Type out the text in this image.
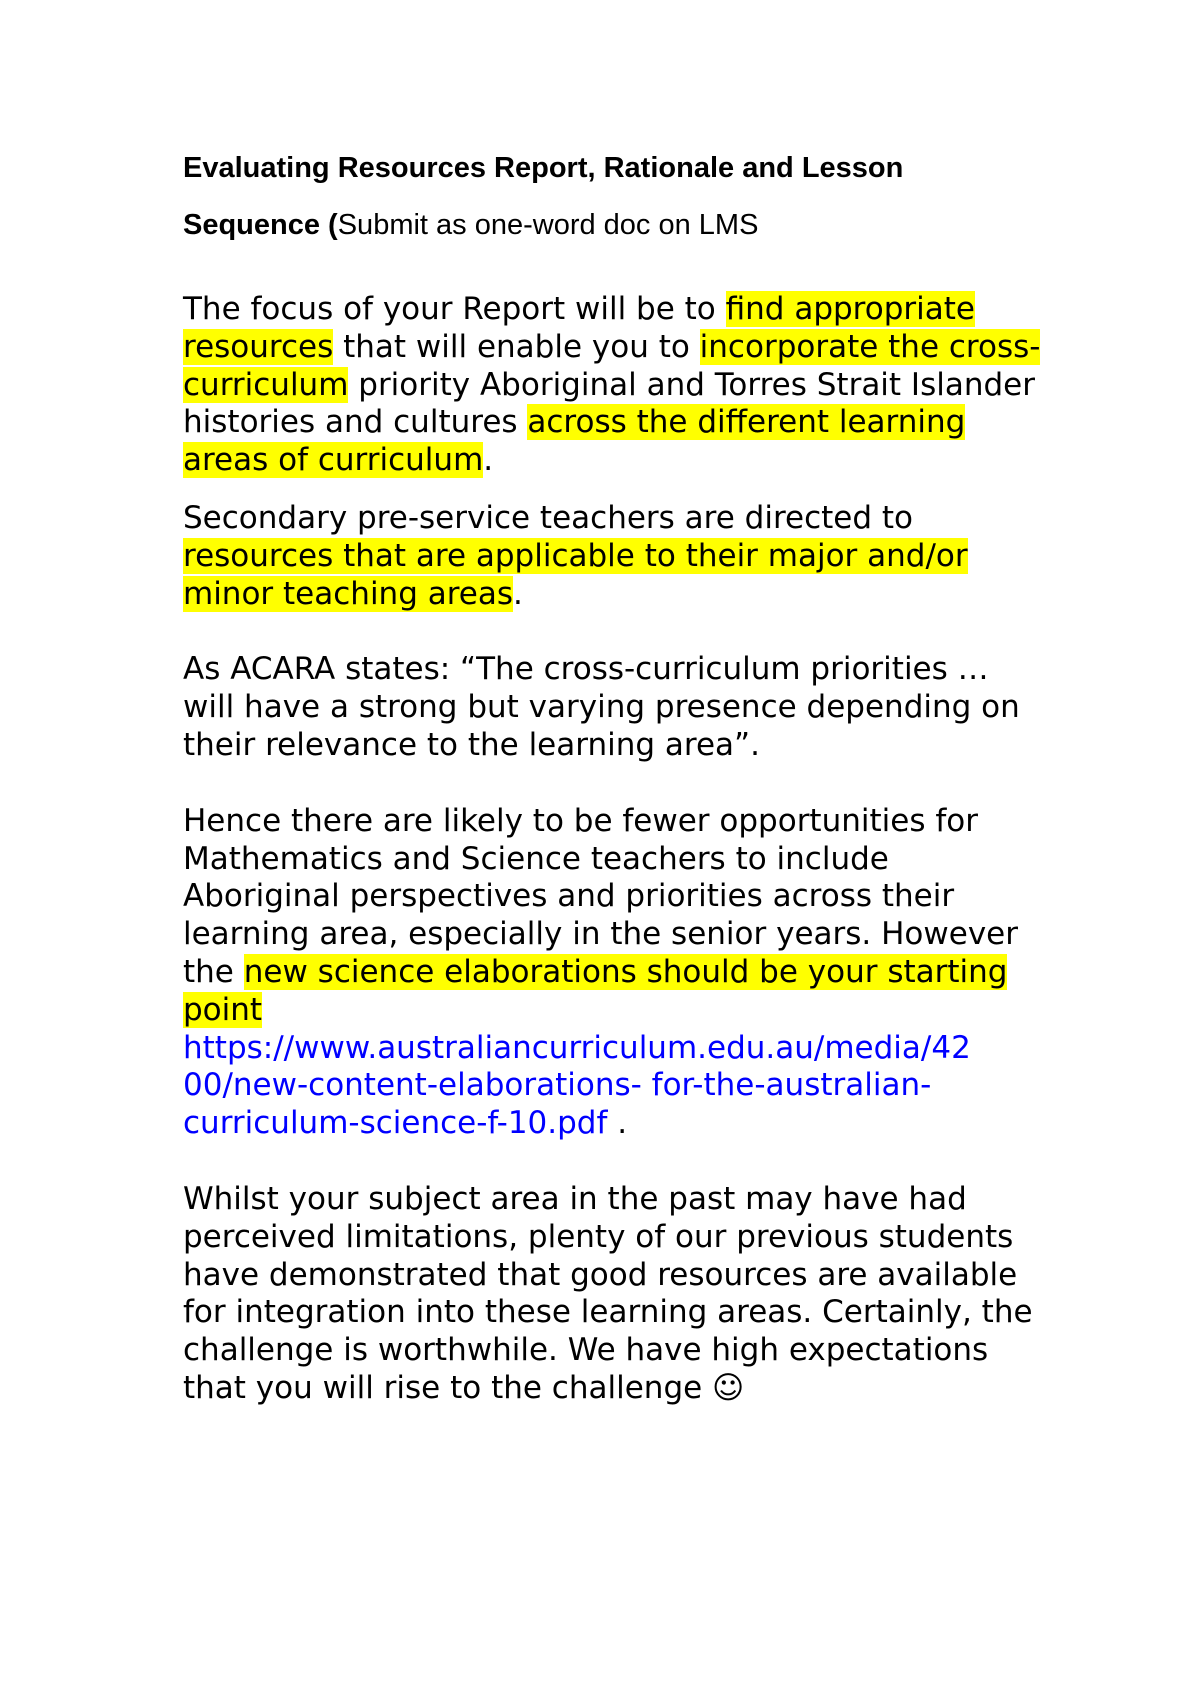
Evaluating Resources Report, Rationale and Lesson
Sequence (Submit as one-word doc on LMS

The focus of your Report will be to find appropriate resources that will enable you to incorporate the cross-curriculum priority Aboriginal and Torres Strait Islander histories and cultures across the different learning areas of curriculum.

Secondary pre-service teachers are directed to resources that are applicable to their major and/or minor teaching areas.

As ACARA states: “The cross-curriculum priorities … will have a strong but varying presence depending on their relevance to the learning area”.

Hence there are likely to be fewer opportunities for Mathematics and Science teachers to include Aboriginal perspectives and priorities across their learning area, especially in the senior years. However the new science elaborations should be your starting point
https://www.australiancurriculum.edu.au/media/42
00/new-content-elaborations- for-the-australian-
curriculum-science-f-10.pdf .

Whilst your subject area in the past may have had perceived limitations, plenty of our previous students have demonstrated that good resources are available for integration into these learning areas. Certainly, the challenge is worthwhile. We have high expectations that you will rise to the challenge ☺
